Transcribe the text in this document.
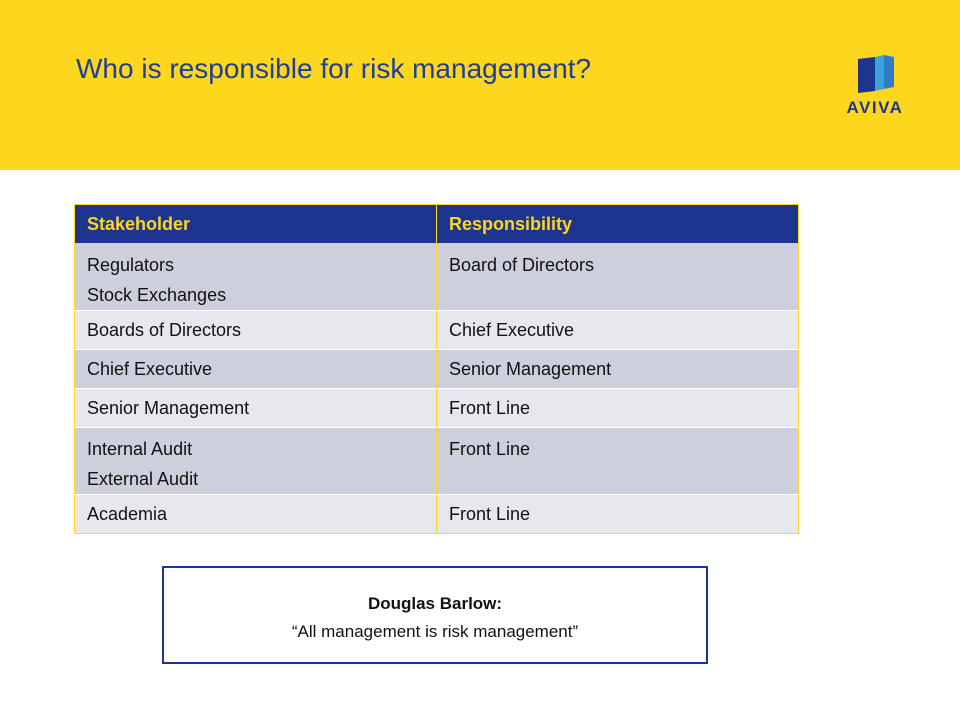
Who is responsible for risk management?
AVIVA
Stakeholder	Responsibility

Regulators
Stock Exchanges	Board of Directors
Boards of Directors	Chief Executive
Chief Executive	Senior Management
Senior Management	Front Line

Internal Audit
External Audit	Front Line
Academia	Front Line
Douglas Barlow:
“All management is risk management”
